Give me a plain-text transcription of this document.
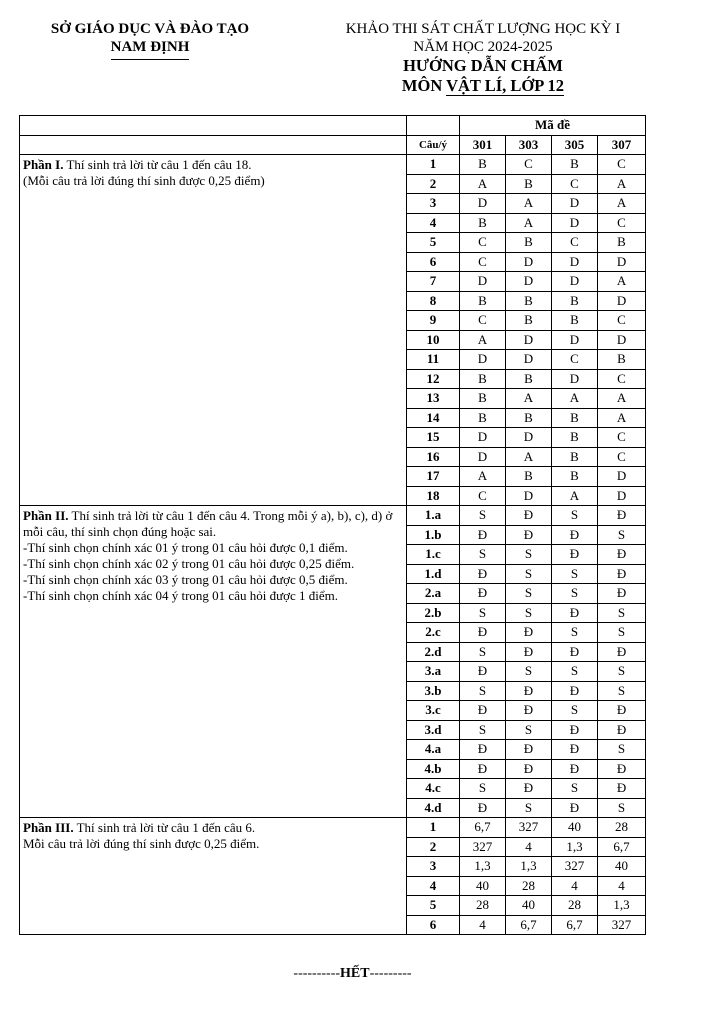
SỞ GIÁO DỤC VÀ ĐÀO TẠO
NAM ĐỊNH
KHẢO THI SÁT CHẤT LƯỢNG HỌC KỲ I
NĂM HỌC 2024-2025
HƯỚNG DẪN CHẤM
MÔN VẬT LÍ, LỚP 12
		Mã đề			
	Câu/ý	301	303	305	307

Phần I. Thí sinh trả lời từ câu 1 đến câu 18.
(Mỗi câu trả lời đúng thí sinh được 0,25 điểm)	1	B	C	B	C
	2	A	B	C	A
	3	D	A	D	A
	4	B	A	D	C
	5	C	B	C	B
	6	C	D	D	D
	7	D	D	D	A
	8	B	B	B	D
	9	C	B	B	C
	10	A	D	D	D
	11	D	D	C	B
	12	B	B	D	C
	13	B	A	A	A
	14	B	B	B	A
	15	D	D	B	C
	16	D	A	B	C
	17	A	B	B	D
	18	C	D	A	D

Phần II. Thí sinh trả lời từ câu 1 đến câu 4. Trong mỗi ý a), b), c), d) ở mỗi câu, thí sinh chọn đúng hoặc sai.
-Thí sinh chọn chính xác 01 ý trong 01 câu hỏi được 0,1 điểm.
-Thí sinh chọn chính xác 02 ý trong 01 câu hỏi được 0,25 điểm.
-Thí sinh chọn chính xác 03 ý trong 01 câu hỏi được 0,5 điểm.
-Thí sinh chọn chính xác 04 ý trong 01 câu hỏi được 1 điểm.	1.a	S	Đ	S	Đ
	1.b	Đ	Đ	Đ	S
	1.c	S	S	Đ	Đ
	1.d	Đ	S	S	Đ
	2.a	Đ	S	S	Đ
	2.b	S	S	Đ	S
	2.c	Đ	Đ	S	S
	2.d	S	Đ	Đ	Đ
	3.a	Đ	S	S	S
	3.b	S	Đ	Đ	S
	3.c	Đ	Đ	S	Đ
	3.d	S	S	Đ	Đ
	4.a	Đ	Đ	Đ	S
	4.b	Đ	Đ	Đ	Đ
	4.c	S	Đ	S	Đ
	4.d	Đ	S	Đ	S

Phần III. Thí sinh trả lời từ câu 1 đến câu 6.
Mỗi câu trả lời đúng thí sinh được 0,25 điểm.	1	6,7	327	40	28
	2	327	4	1,3	6,7
	3	1,3	1,3	327	40
	4	40	28	4	4
	5	28	40	28	1,3
	6	4	6,7	6,7	327
----------HẾT---------
